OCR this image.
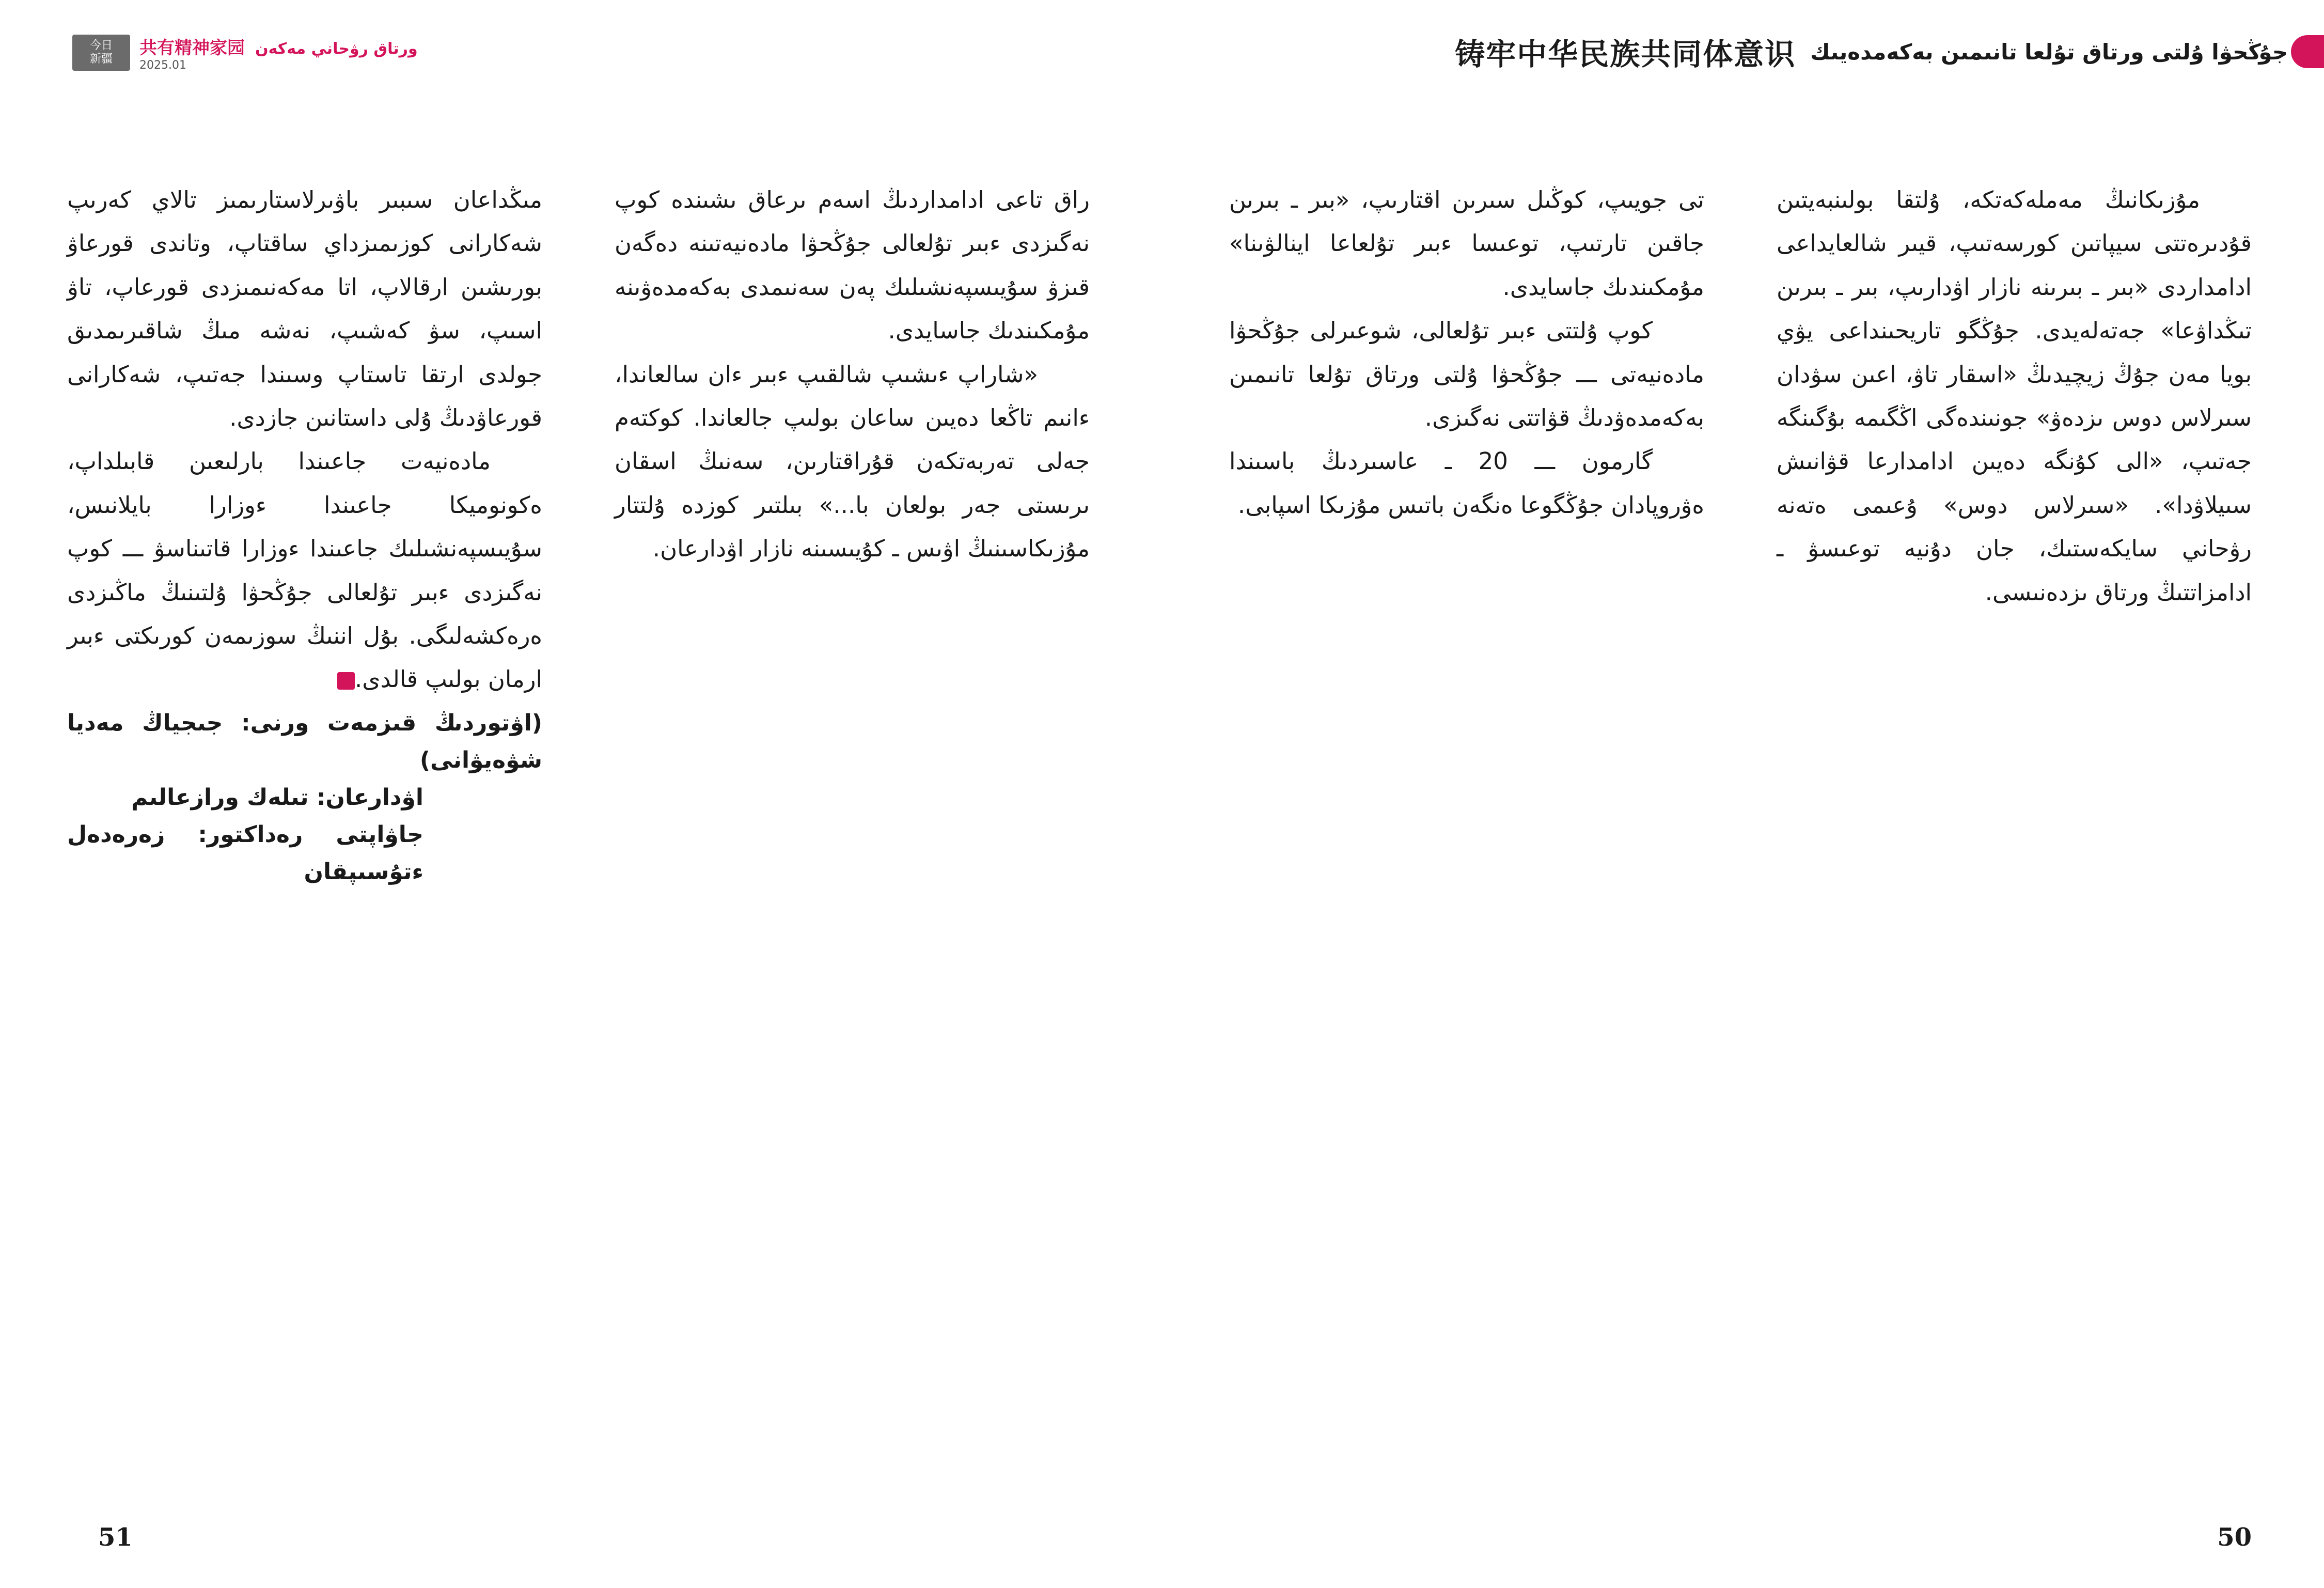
今日
新疆
共有精神家园 ورتاق رۋحاني مەكەن
2025.01	铸牢中华民族共同体意识 جۇڭحۋا ۇلتى ورتاق تۇلعا تانىمىن بەكەمدەيىك

مۇزىكانىڭ مەملەكەتكە، ۇلتقا بولىنبەيتىن قۇدىرەتتى سيپاتىن كورسەتىپ، قيىر شالعايداعى ادامداردى «بىر ـ بىرىنە نازار اۋدارىپ، بىر ـ بىرىن تىڭداۋعا» جەتەلەيدى. جۇڭگو تاريحىنداعى يۋي بويا مەن جۇڭ زيچيدىڭ «اسقار تاۋ، اعىن سۋدان سىرلاس دوس ىزدەۋ» جونىندەگى اڭگىمە بۇگىنگە جەتىپ، «الى كۇنگە دەيىن ادامدارعا قۋانىش سىيلاۋدا». «سىرلاس دوس» ۇعىمى ەتەنە رۋحاني سايكەستىك، جان دۇنيە توعىسۋ ـ ادامزاتتىڭ ورتاق ىزدەنىسى.

تى جويىپ، كوڭىل سىرىن اقتارىپ، «بىر ـ بىرىن جاقىن تارتىپ، توعىسا ءبىر تۇلعاعا اينالۋىنا» مۇمكىندىك جاسايدى.

كوپ ۇلتتى ءبىر تۇلعالى، شوعىرلى جۇڭحۋا مادەنيەتى ـــ جۇڭحۋا ۇلتى ورتاق تۇلعا تانىمىن بەكەمدەۋدىڭ قۋاتتى نەگىزى.

گارمون ـــ 20 ـ عاسىردىڭ باسىندا ەۋروپادان جۇڭگوعا ەنگەن باتىس مۇزىكا اسپابى.

راق تاعى ادامداردىڭ اسەم ىرعاق ىشىندە كوپ نەگىزدى ءبىر تۇلعالى جۇڭحۋا مادەنيەتىنە دەگەن قىزۋ سۇيىسپەنشىلىك پەن سەنىمدى بەكەمدەۋىنە مۇمكىندىك جاسايدى.

«شاراپ ءىشىپ شالقىپ ءبىر ءان سالعاندا، ءانىم تاڭعا دەيىن ساعان بولىپ جالعاندا. كوكتەم جەلى تەربەتكەن قۇراقتارىن، سەنىڭ اسقان ىرىستى جەر بولعان با...» بىلتىر كوزدە ۇلتتار مۇزىكاسىنىڭ اۋىس ـ كۇيىسىنە نازار اۋدارعان.

مىڭداعان سىبىر باۋىرلاستارىمىز تالاي كەرىپ شەكارانى كوزىمىزداي ساقتاپ، وتاندى قورعاۋ بورىشىن ارقالاپ، اتا مەكەنىمىزدى قورعاپ، تاۋ اسىپ، سۋ كەشىپ، نەشە مىڭ شاقىرىمدىق جولدى ارتقا تاستاپ وسىندا جەتىپ، شەكارانى قورعاۋدىڭ ۇلى داستانىن جازدى.

مادەنيەت جاعىندا بارلىعىن قابىلداپ، ەكونوميكا جاعىندا ءوزارا بايلانىس، سۇيىسپەنشىلىك جاعىندا ءوزارا قاتىناسۋ ـــ كوپ نەگىزدى ءبىر تۇلعالى جۇڭحۋا ۇلتىنىڭ ماڭىزدى ەرەكشەلىگى. بۇل اننىڭ سوزىمەن كورىكتى ءبىر ارمان بولىپ قالدى.

(اۋتوردىڭ قىزمەت ورنى: جىجياڭ مەديا شۋەيۋانى)
اۋدارعان: تىلەك ورازعالىم
جاۋاپتى رەداكتور: زەرەدەل ءتۇسىپقان
51	50
